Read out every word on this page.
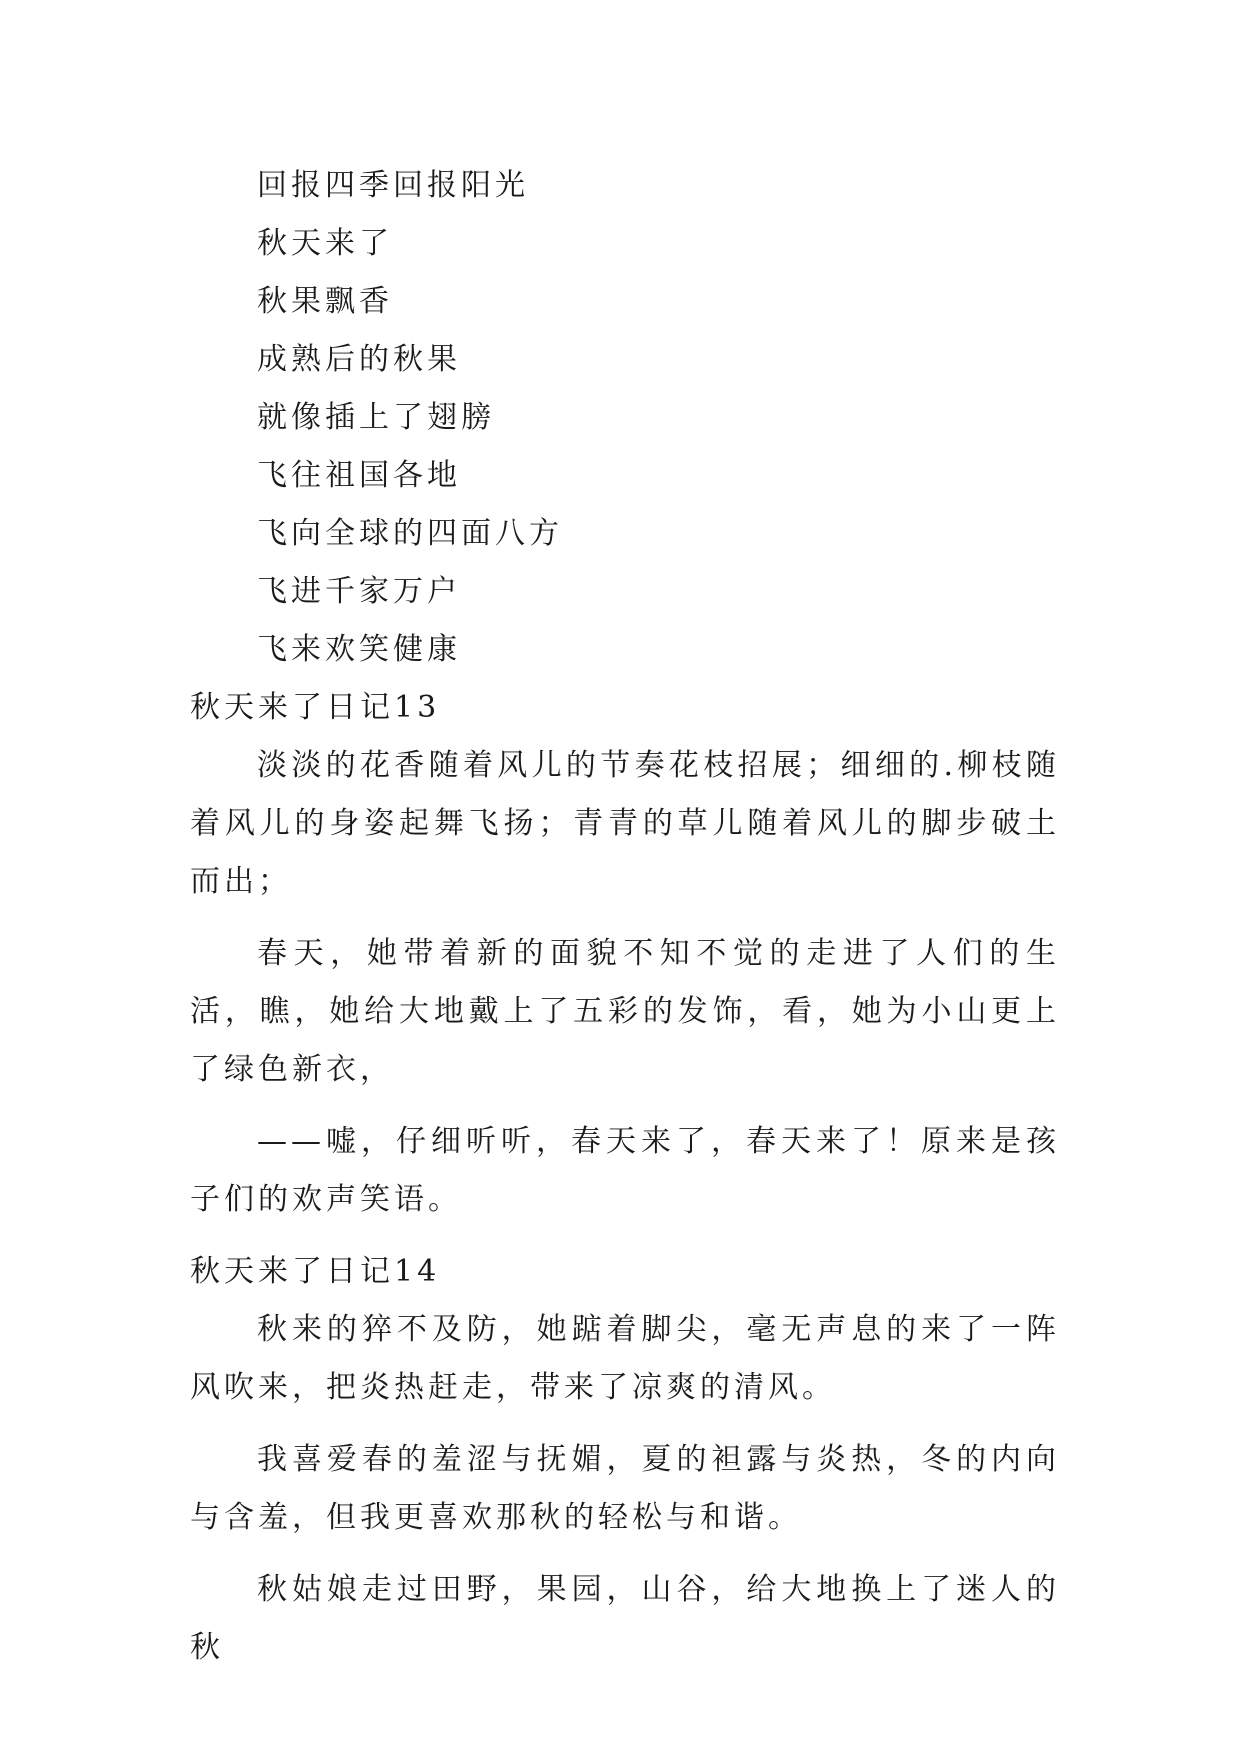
回报四季回报阳光

秋天来了

秋果飘香

成熟后的秋果

就像插上了翅膀

飞往祖国各地

飞向全球的四面八方

飞进千家万户

飞来欢笑健康

秋天来了日记13

淡淡的花香随着风儿的节奏花枝招展；细细的.柳枝随着风儿的身姿起舞飞扬；青青的草儿随着风儿的脚步破土而出；

春天，她带着新的面貌不知不觉的走进了人们的生活，瞧，她给大地戴上了五彩的发饰，看，她为小山更上了绿色新衣，

——嘘，仔细听听，春天来了，春天来了！原来是孩子们的欢声笑语。

秋天来了日记14

秋来的猝不及防，她踮着脚尖，毫无声息的来了一阵风吹来，把炎热赶走，带来了凉爽的清风。

我喜爱春的羞涩与抚媚，夏的袒露与炎热，冬的内向与含羞，但我更喜欢那秋的轻松与和谐。

秋姑娘走过田野，果园，山谷，给大地换上了迷人的秋
